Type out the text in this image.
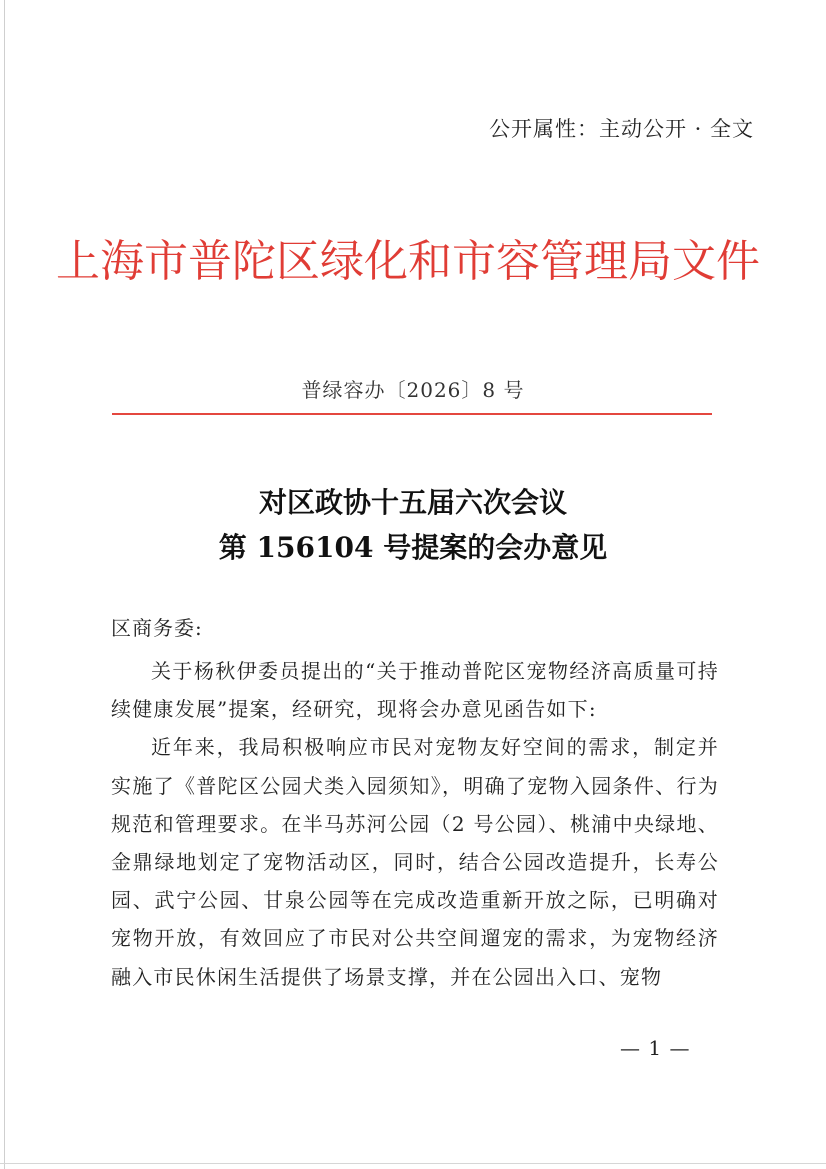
公开属性：主动公开 · 全文
上海市普陀区绿化和市容管理局文件
普绿容办〔2026〕8 号
对区政协十五届六次会议
第 156104 号提案的会办意见
区商务委:

关于杨秋伊委员提出的“关于推动普陀区宠物经济高质量可持续健康发展”提案，经研究，现将会办意见函告如下:

近年来，我局积极响应市民对宠物友好空间的需求，制定并实施了《普陀区公园犬类入园须知》，明确了宠物入园条件、行为规范和管理要求。在半马苏河公园（2 号公园）、桃浦中央绿地、金鼎绿地划定了宠物活动区，同时，结合公园改造提升，长寿公园、武宁公园、甘泉公园等在完成改造重新开放之际，已明确对宠物开放，有效回应了市民对公共空间遛宠的需求，为宠物经济融入市民休闲生活提供了场景支撑，并在公园出入口、宠物

— 1 —
